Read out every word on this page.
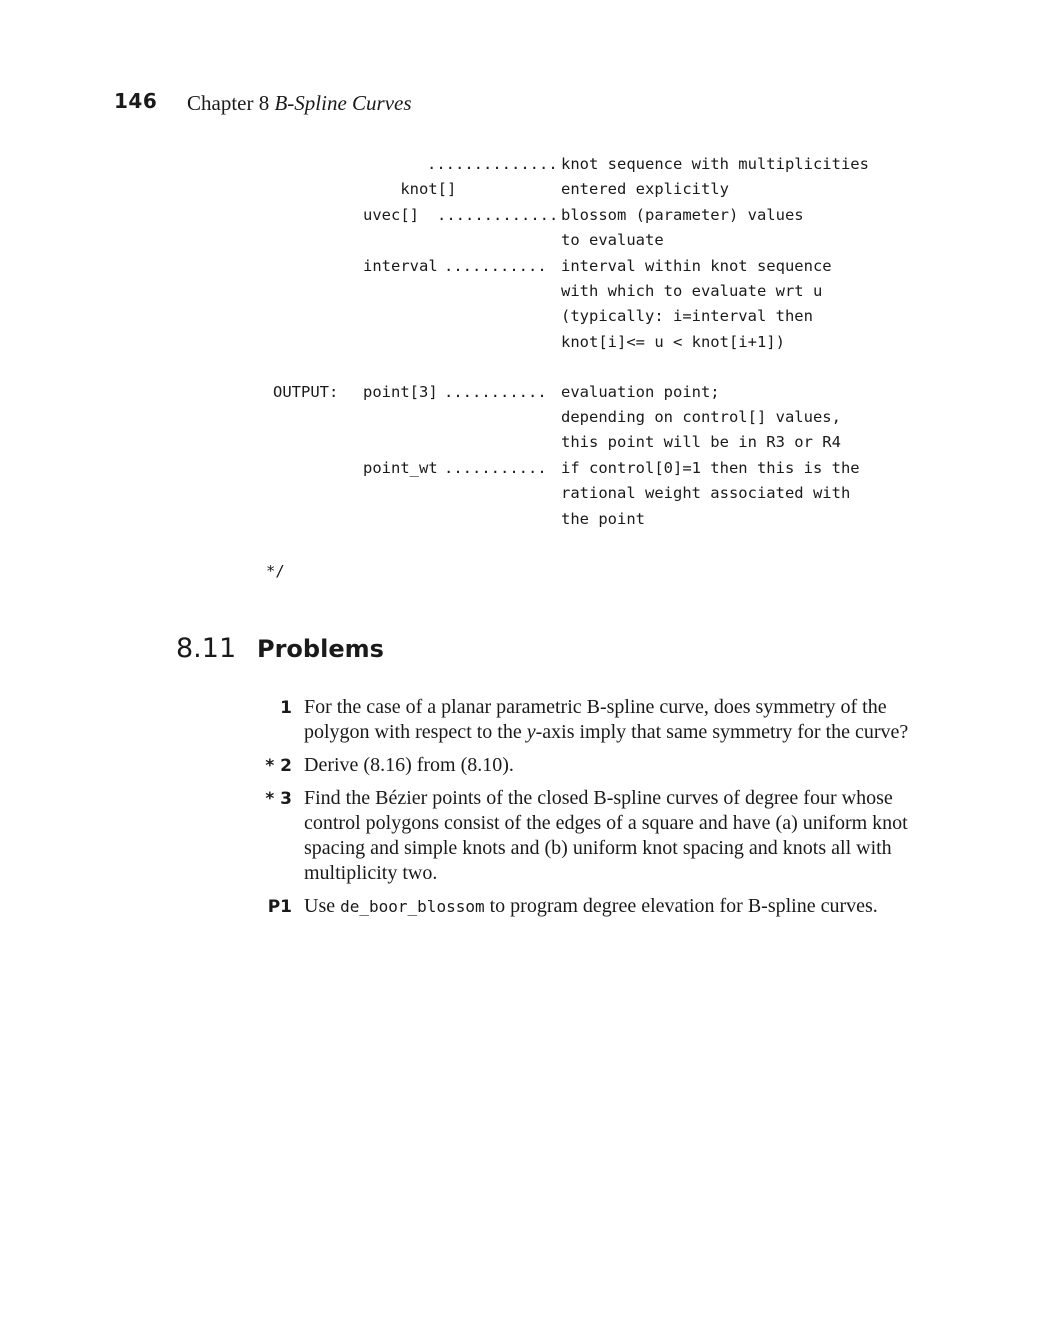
146 Chapter 8 B-Spline Curves

knot[]

.............. knot sequence with multiplicities
entered explicitly
uvec[] ............. blossom (parameter) values
to evaluate
interval ........... interval within knot sequence
with which to evaluate wrt u
(typically: i=interval then
knot[i]<= u < knot[i+1])
OUTPUT: point[3] ........... evaluation point;
depending on control[] values,
this point will be in R3 or R4
point_wt ........... if control[0]=1 then this is the
rational weight associated with
the point
*/
8.11 Problems
1 For the case of a planar parametric B-spline curve, does symmetry of the
polygon with respect to the y-axis imply that same symmetry for the curve?
* 2 Derive (8.16) from (8.10).
* 3 Find the Bézier points of the closed B-spline curves of degree four whose
control polygons consist of the edges of a square and have (a) uniform knot
spacing and simple knots and (b) uniform knot spacing and knots all with
multiplicity two.
P1 Use de_boor_blossom to program degree elevation for B-spline curves.
